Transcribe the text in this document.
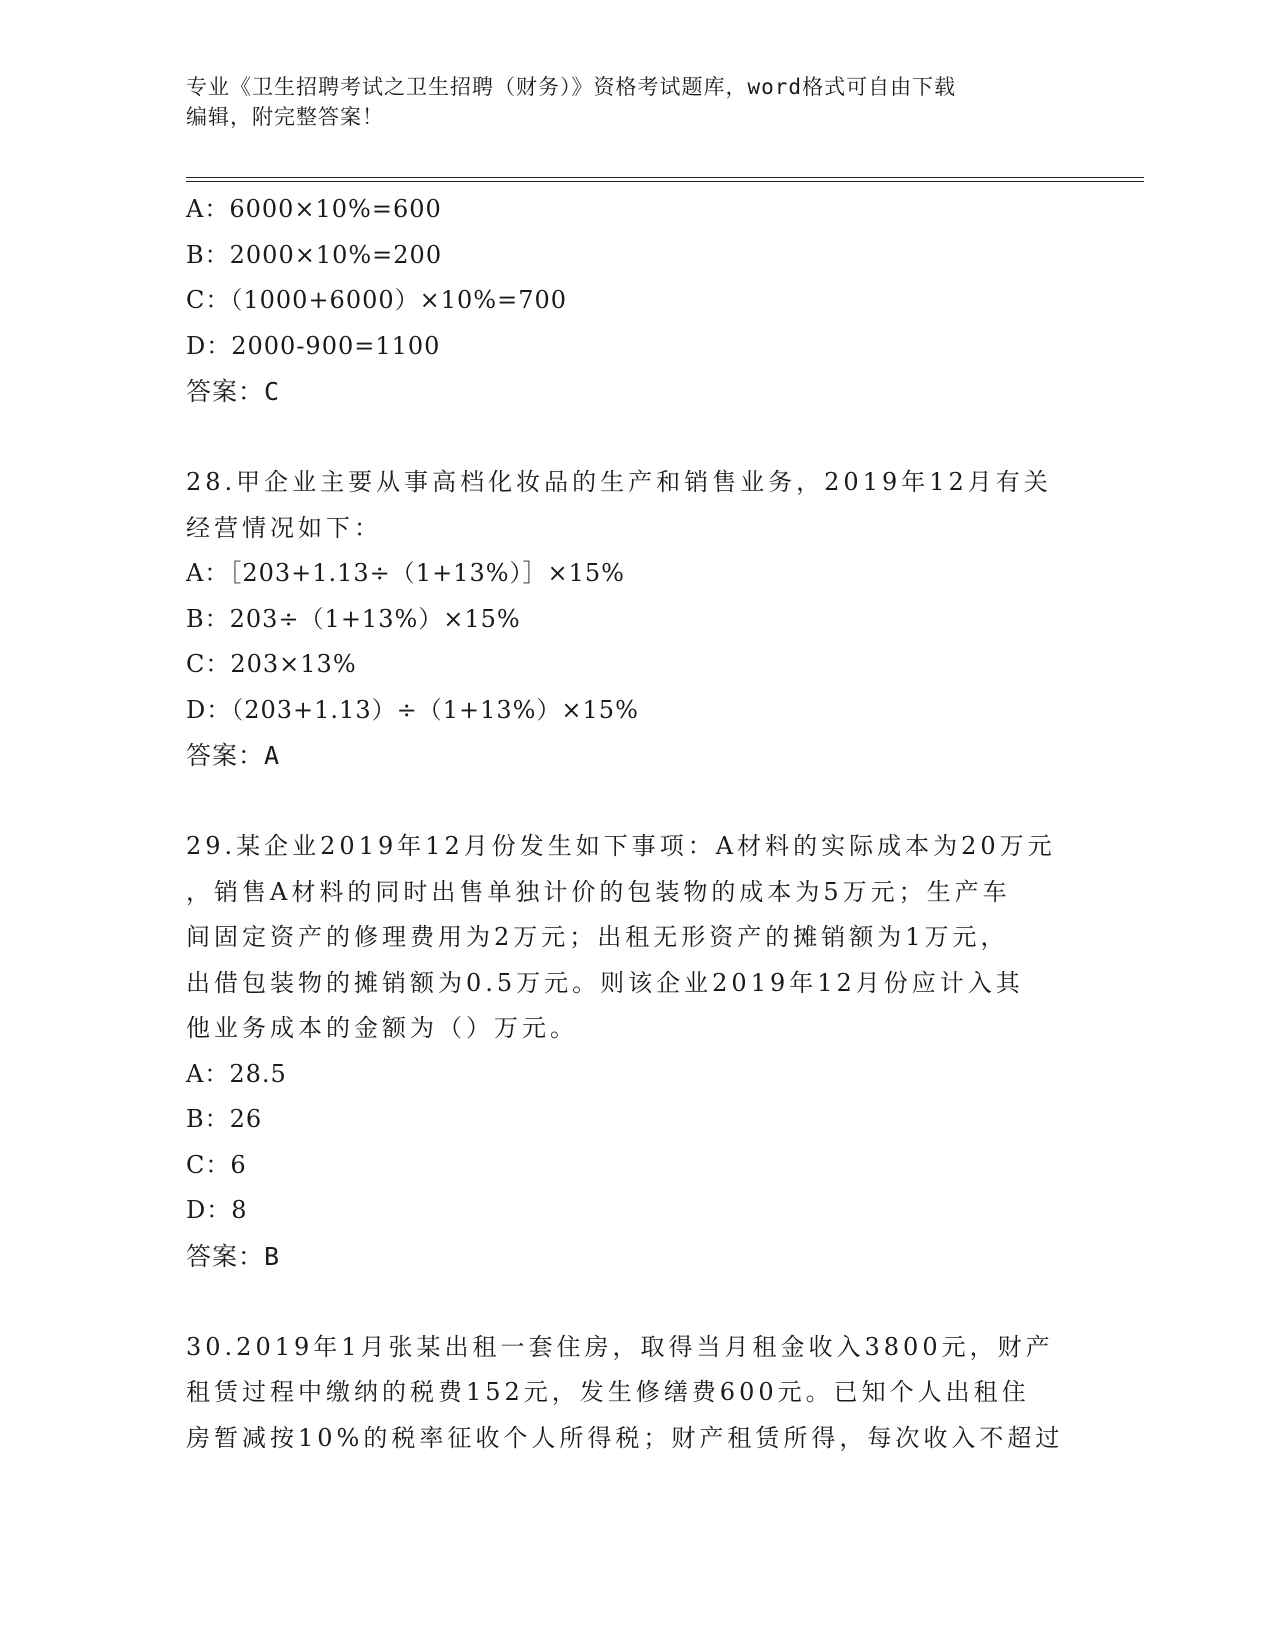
专业《卫生招聘考试之卫生招聘（财务）》资格考试题库，word格式可自由下载
编辑，附完整答案！
A：6000×10%=600
B：2000×10%=200
C：（1000+6000）×10%=700
D：2000-900=1100
答案：C
28.甲企业主要从事高档化妆品的生产和销售业务，2019年12月有关
经营情况如下：
A：［203+1.13÷（1+13%）］×15%
B：203÷（1+13%）×15%
C：203×13%
D：（203+1.13）÷（1+13%）×15%
答案：A
29.某企业2019年12月份发生如下事项：A材料的实际成本为20万元
，销售A材料的同时出售单独计价的包装物的成本为5万元；生产车
间固定资产的修理费用为2万元；出租无形资产的摊销额为1万元，
出借包装物的摊销额为0.5万元。则该企业2019年12月份应计入其
他业务成本的金额为（）万元。
A：28.5
B：26
C：6
D：8
答案：B
30.2019年1月张某出租一套住房，取得当月租金收入3800元，财产
租赁过程中缴纳的税费152元，发生修缮费600元。已知个人出租住
房暂减按10%的税率征收个人所得税；财产租赁所得，每次收入不超过
